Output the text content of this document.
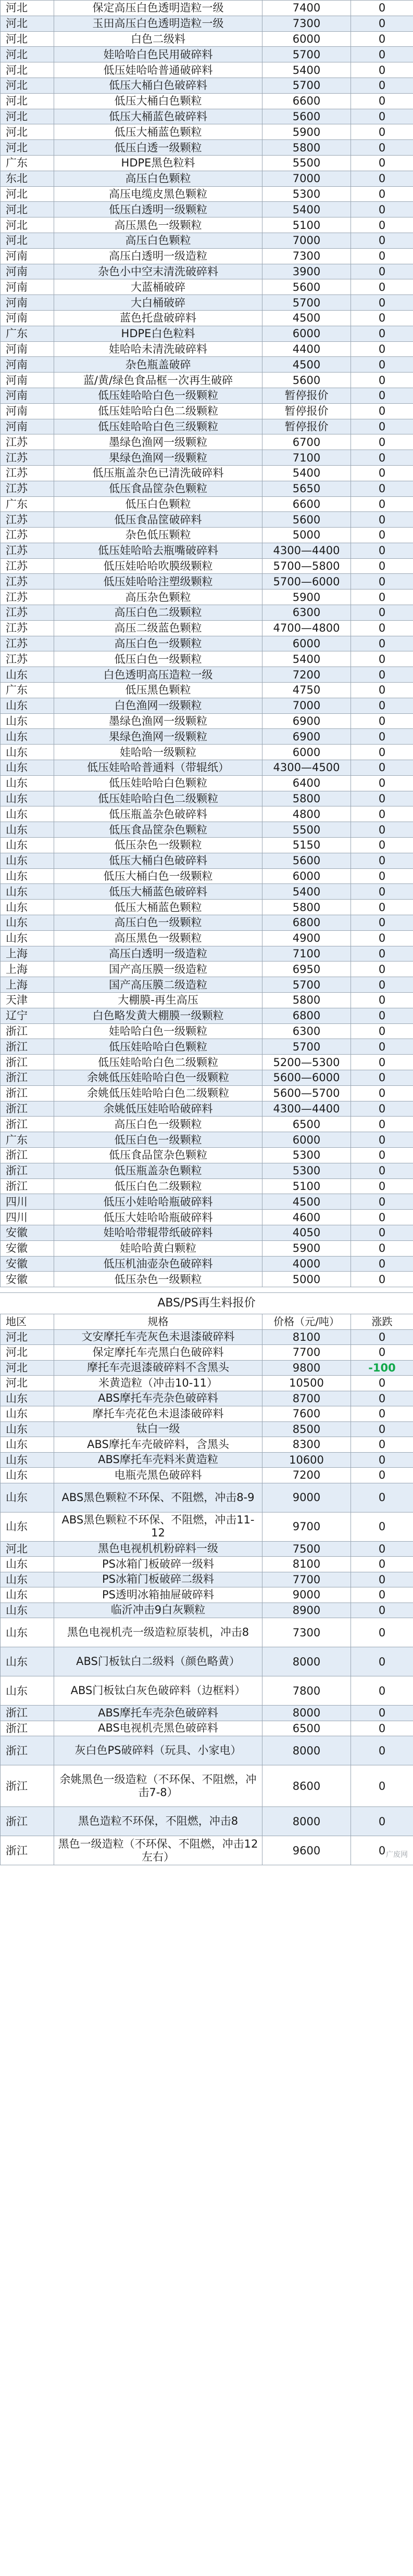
河北	保定高压白色透明造粒一级	7400	0
河北	玉田高压白色透明造粒一级	7300	0
河北	白色二级料	6000	0
河北	娃哈哈白色民用破碎料	5700	0
河北	低压娃哈哈普通破碎料	5400	0
河北	低压大桶白色破碎料	5700	0
河北	低压大桶白色颗粒	6600	0
河北	低压大桶蓝色破碎料	5600	0
河北	低压大桶蓝色颗粒	5900	0
河北	低压白透一级颗粒	5800	0
广东	HDPE黑色粒料	5500	0
东北	高压白色颗粒	7000	0
河北	高压电缆皮黑色颗粒	5300	0
河北	低压白透明一级颗粒	5400	0
河北	高压黑色一级颗粒	5100	0
河北	高压白色颗粒	7000	0
河南	高压白透明一级造粒	7300	0
河南	杂色小中空末清洗破碎料	3900	0
河南	大蓝桶破碎	5600	0
河南	大白桶破碎	5700	0
河南	蓝色托盘破碎料	4500	0
广东	HDPE白色粒料	6000	0
河南	娃哈哈未清洗破碎料	4400	0
河南	杂色瓶盖破碎	4500	0
河南	蓝/黄/绿色食品框一次再生破碎	5600	0
河南	低压娃哈哈白色一级颗粒	暂停报价	0
河南	低压娃哈哈白色二级颗粒	暂停报价	0
河南	低压娃哈哈白色三级颗粒	暂停报价	0
江苏	墨绿色渔网一级颗粒	6700	0
江苏	果绿色渔网一级颗粒	7100	0
江苏	低压瓶盖杂色已清洗破碎料	5400	0
江苏	低压食品筐杂色颗粒	5650	0
广东	低压白色颗粒	6600	0
江苏	低压食品筐破碎料	5600	0
江苏	杂色低压颗粒	5000	0
江苏	低压娃哈哈去瓶嘴破碎料	4300—4400	0
江苏	低压娃哈哈吹膜级颗粒	5700—5800	0
江苏	低压娃哈哈注塑级颗粒	5700—6000	0
江苏	高压杂色颗粒	5900	0
江苏	高压白色二级颗粒	6300	0
江苏	高压二级蓝色颗粒	4700—4800	0
江苏	高压白色一级颗粒	6000	0
江苏	低压白色一级颗粒	5400	0
山东	白色透明高压造粒一级	7200	0
广东	低压黑色颗粒	4750	0
山东	白色渔网一级颗粒	7000	0
山东	墨绿色渔网一级颗粒	6900	0
山东	果绿色渔网一级颗粒	6900	0
山东	娃哈哈一级颗粒	6000	0
山东	低压娃哈哈普通料（带辊纸）	4300—4500	0
山东	低压娃哈哈白色颗粒	6400	0
山东	低压娃哈哈白色二级颗粒	5800	0
山东	低压瓶盖杂色破碎料	4800	0
山东	低压食品筐杂色颗粒	5500	0
山东	低压杂色一级颗粒	5150	0
山东	低压大桶白色破碎料	5600	0
山东	低压大桶白色一级颗粒	6000	0
山东	低压大桶蓝色破碎料	5400	0
山东	低压大桶蓝色颗粒	5800	0
山东	高压白色一级颗粒	6800	0
山东	高压黑色一级颗粒	4900	0
上海	高压白透明一级造粒	7100	0
上海	国产高压膜一级造粒	6950	0
上海	国产高压膜二级造粒	5700	0
天津	大棚膜-再生高压	5800	0
辽宁	白色略发黄大棚膜一级颗粒	6800	0
浙江	娃哈哈白色一级颗粒	6300	0
浙江	低压娃哈哈白色颗粒	5700	0
浙江	低压娃哈哈白色二级颗粒	5200—5300	0
浙江	余姚低压娃哈哈白色一级颗粒	5600—6000	0
浙江	余姚低压娃哈哈白色二级颗粒	5600—5700	0
浙江	余姚低压娃哈哈破碎料	4300—4400	0
浙江	高压白色一级颗粒	6500	0
广东	低压白色一级颗粒	6000	0
浙江	低压食品筐杂色颗粒	5300	0
浙江	低压瓶盖杂色颗粒	5300	0
浙江	低压白色二级颗粒	5100	0
四川	低压小娃哈哈瓶破碎料	4500	0
四川	低压大娃哈哈瓶破碎料	4600	0
安徽	娃哈哈带辊带纸破碎料	4050	0
安徽	娃哈哈黄白颗粒	5900	0
安徽	低压机油壶杂色破碎料	4000	0
安徽	低压杂色一级颗粒	5000	0
ABS/PS再生料报价
地区	规格	价格（元/吨）	涨跌
河北	文安摩托车壳灰色未退漆破碎料	8100	0
河北	保定摩托车壳黑白色破碎料	7700	0
河北	摩托车壳退漆破碎料不含黑头	9800	-100
河北	米黄造粒（冲击10-11）	10500	0
山东	ABS摩托车壳杂色破碎料	8700	0
山东	摩托车壳花色未退漆破碎料	7600	0
山东	钛白一级	8500	0
山东	ABS摩托车壳破碎料，含黑头	8300	0
山东	ABS摩托车壳料米黄造粒	10600	0
山东	电瓶壳黑色破碎料	7200	0
山东	ABS黑色颗粒不环保、不阻燃，冲击8-9	9000	0
山东	ABS黑色颗粒不环保、不阻燃，冲击11-12	9700	0
河北	黑色电视机机粉碎料一级	7500	0
山东	PS冰箱门板破碎一级料	8100	0
山东	PS冰箱门板破碎二级料	7700	0
山东	PS透明冰箱抽屉破碎料	9000	0
山东	临沂冲击9白灰颗粒	8900	0
山东	黑色电视机壳一级造粒原装机，冲击8	7300	0
山东	ABS门板钛白二级料（颜色略黄）	8000	0
山东	ABS门板钛白灰色破碎料（边框料）	7800	0
浙江	ABS摩托车壳杂色破碎料	8000	0
浙江	ABS电视机壳黑色破碎料	6500	0
浙江	灰白色PS破碎料（玩具、小家电）	8000	0
浙江	余姚黑色一级造粒（不环保、不阻燃，冲击7-8）	8600	0
浙江	黑色造粒不环保，不阻燃，冲击8	8000	0
浙江	黑色一级造粒（不环保、不阻燃，冲击12左右）	9600	0 广废网
